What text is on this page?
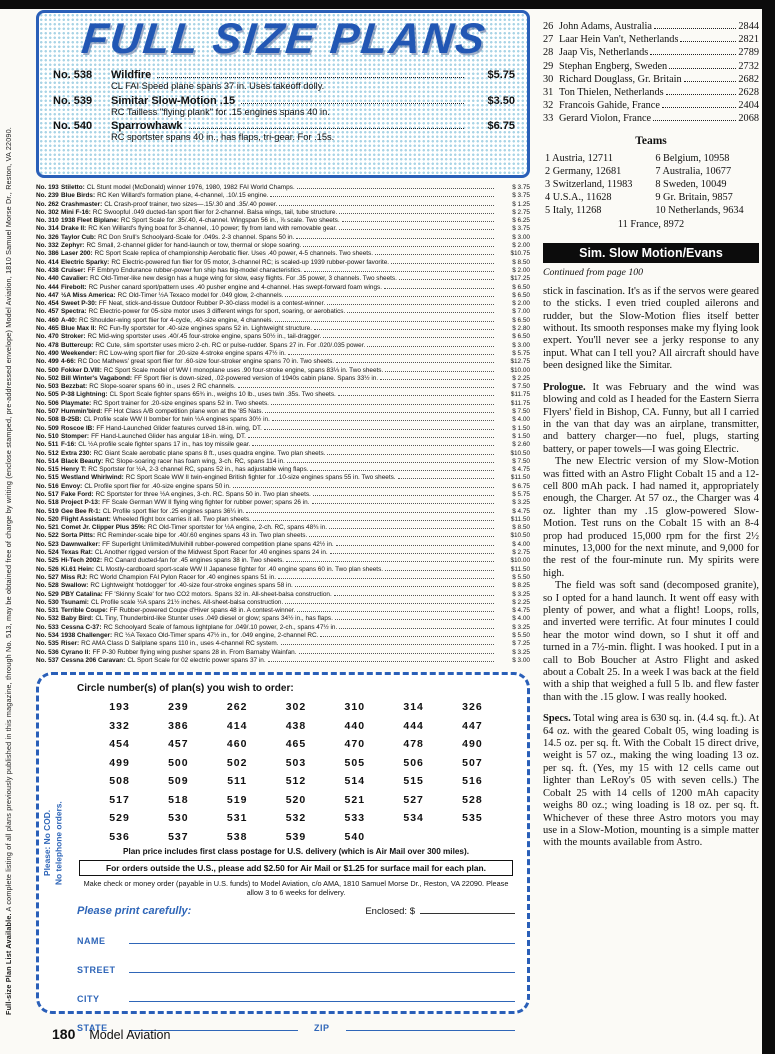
Full-size Plan List Available. A complete listing of all plans previously published in this magazine, through No. 513, may be obtained free of charge by writing (enclose stamped, pre-addressed envelope) Model Aviation, 1810 Samuel Morse Dr., Reston, VA 22090.
FULL SIZE PLANS
No. 538	Wildfire	$5.75
CL FAI Speed plane spans 37 in. Uses takeoff dolly.
No. 539	Simitar Slow-Motion .15	$3.50
RC Tailless "flying plank" for .15 engines spans 40 in.
No. 540	Sparrowhawk	$6.75
RC sportster spans 40 in., has flaps, tri-gear. For .15s.
No. 193 Stiletto: CL Stunt model (McDonald) winner 1976, 1980, 1982 FAI World Champs.	$ 3.75
No. 239 Blue Birds: RC Ken Willard's formation plane, 4-channel, .10/.15 engine.	$ 3.75
No. 262 Crashmaster: CL Crash-proof trainer, two sizes—.15/.30 and .35/.40 power.	$ 1.25
No. 302 Mini F-16: RC Swoopful .049 ducted-fan sport flier for 2-channel. Balsa wings, tail, tube structure.	$ 2.75
No. 310 1938 Fleet Biplane: RC Sport Scale for .35/.40, 4-channel. Wingspan 56 in., ⅞ scale. Two sheets.	$ 6.25
No. 314 Drake II: RC Ken Willard's flying boat for 3-channel, .10 power; fly from land with removable gear.	$ 3.75
No. 326 Taylor Cub: RC Don Srull's Schoolyard-Scale for .049s. 2-3 channel. Spans 50 in.	$ 3.00
No. 332 Zephyr: RC Small, 2-channel glider for hand-launch or tow, thermal or slope soaring.	$ 2.00
No. 386 Laser 200: RC Sport Scale replica of championship Aerobatic flier. Uses .40 power, 4-5 channels. Two sheets.	$10.75
No. 414 Electric Sparky: RC Electric-powered fun flier for 05 motor, 3-channel RC; is scaled-up 1939 rubber-power favorite.	$ 8.50
No. 438 Cruiser: FF Embryo Endurance rubber-power fun ship has big-model characteristics.	$ 2.00
No. 440 Cavalier: RC Old-Timer-like new design has a huge wing for slow, easy flights. For .35 power, 3 channels. Two sheets.	$17.25
No. 444 Firebolt: RC Pusher canard sport/pattern uses .40 pusher engine and 4-channel. Has swept-forward foam wings.	$ 6.50
No. 447 ½A Miss America: RC Old-Timer ½A Texaco model for .049 glow, 2-channels.	$ 6.50
No. 454 Sweet P-30: FF Neat, stick-and-tissue Outdoor Rubber P-30-class model is a contest-winner.	$ 2.00
No. 457 Spectra: RC Electric-power for 05-size motor uses 3 different wings for sport, soaring, or aerobatics.	$ 7.00
No. 460 A-40: RC Shoulder-wing sport flier for 4-cycle, .40-size engine, 4 channels.	$ 6.50
No. 465 Blue Max II: RC Fun-fly sportster for .40-size engines spans 52 in. Lightweight structure.	$ 2.80
No. 470 Stroker: RC Mid-wing sportster uses .40/.45 four-stroke engine, spans 50½ in., tail-dragger.	$ 6.50
No. 478 Buttercup: RC Cute, slim sportster uses micro 2-ch. RC or pulse-rudder. Spans 27 in. For .020/.035 power.	$ 3.00
No. 490 Weekender: RC Low-wing sport flier for .20-size 4-stroke engine spans 47½ in.	$ 5.75
No. 499 4-66: RC Doc Mathews' great sport flier for .60-size four-stroker engine spans 70 in. Two sheets.	$12.75
No. 500 Fokker D.VIII: RC Sport Scale model of WW I monoplane uses .90 four-stroke engine, spans 83⅓ in. Two sheets.	$10.00
No. 502 Bill Winter's Vagabond: FF Sport flier is down-sized, .02-powered version of 1940s cabin plane. Spans 33½ in.	$ 2.25
No. 503 Bezzbat: RC Slope-soarer spans 60 in., uses 2 RC channels.	$ 7.50
No. 505 P-38 Lightning: CL Sport Scale fighter spans 65¾ in., weighs 10 lb., uses twin .35s. Two sheets.	$11.75
No. 506 Playmate: RC Sport trainer for .20-size engines spans 52 in. Two sheets.	$11.75
No. 507 Hummin'bird: FF Hot Class A/B competition plane won at the '85 Nats.	$ 7.50
No. 508 B-25B: CL Profile scale WW II bomber for twin ½A engines spans 30½ in.	$ 4.00
No. 509 Roscoe IB: FF Hand-Launched Glider features curved 18-in. wing, DT.	$ 1.50
No. 510 Stomper: FF Hand-Launched Glider has angular 18-in. wing, DT.	$ 1.50
No. 511 F-16: CL ½A profile scale fighter spans 17 in., has toy missile gear.	$ 2.60
No. 512 Extra 230: RC Giant Scale aerobatic plane spans 8 ft., uses quadra engine. Two plan sheets.	$10.50
No. 514 Black Beauty: RC Slope-soaring racer has foam wing, 3-ch. RC, spans 114 in.	$ 7.50
No. 515 Henry T: RC Sportster for ½A, 2-3 channel RC, spans 52 in., has adjustable wing flaps.	$ 4.75
No. 515 Westland Whirlwind: RC Sport Scale WW II twin-engined British fighter for .10-size engines spans 55 in. Two sheets.	$11.50
No. 516 Envoy: CL Profile sport flier for .40-size engine spans 50 in.	$ 6.75
No. 517 Fake Ford: RC Sportster for three ½A engines, 3-ch. RC. Spans 50 in. Two plan sheets.	$ 5.75
No. 518 Project P-13: FF Scale German WW II flying wing fighter for rubber power; spans 26 in.	$ 3.25
No. 519 Gee Bee R-1: CL Profile sport flier for .25 engines spans 36¼ in.	$ 4.75
No. 520 Flight Assistant: Wheeled flight box carries it all. Two plan sheets.	$11.50
No. 521 Comet Jr. Clipper Plus 35%: RC Old-Timer sportster for ½A engine, 2-ch. RC, spans 48¾ in.	$ 8.50
No. 522 Sorta Pitts: RC Reminder-scale bipe for .40/.60 engines spans 43 in. Two plan sheets.	$10.50
No. 523 Dawnwalker: FF Superlight Unlimited/Mulvihill rubber-powered competition plane spans 42½ in.	$ 4.00
No. 524 Texas Rat: CL Another rigged version of the Midwest Sport Racer for .40 engines spans 24 in.	$ 2.75
No. 525 Hi-Tech 2002: RC Canard ducted-fan for .45 engines spans 38 in. Two sheets.	$10.00
No. 526 Ki.61 Hein: CL Mostly-cardboard sport-scale WW II Japanese fighter for .40 engine spans 60 in. Two plan sheets.	$11.50
No. 527 Miss RJ: RC World Champion FAI Pylon Racer for .40 engines spans 51 in.	$ 5.50
No. 528 Swallow: RC Lightweight 'hotdogger' for .40-size four-stroke engines spans 58 in.	$ 8.25
No. 529 PBY Catalina: FF 'Skinny Scale' for two CO2 motors. Spans 32 in. All-sheet-balsa construction.	$ 3.25
No. 530 Tsunami: CL Profile scale ½A spans 21½ inches. All-sheet-balsa construction.	$ 2.25
No. 531 Terrible Coupe: FF Rubber-powered Coupe d'Hiver spans 48 in. A contest-winner.	$ 4.75
No. 532 Baby Bird: CL Tiny, Thunderbird-like Stunter uses .049 diesel or glow; spans 34½ in., has flaps.	$ 4.00
No. 533 Cessna C-37: RC Schoolyard Scale of famous lightplane for .049/.10 power, 2-ch., spans 47½ in.	$ 3.25
No. 534 1938 Challenger: RC ½A Texaco Old-Timer spans 47½ in., for .049 engine, 2-channel RC.	$ 5.50
No. 535 Riser: RC AMA Class D Sailplane spans 110 in., uses 4-channel RC system.	$ 7.25
No. 536 Cyrano II: FF P-30 Rubber flying wing pusher spans 28 in. From Barnaby Wainfan.	$ 3.25
No. 537 Cessna 206 Caravan: CL Sport Scale for 02 electric power spans 37 in.	$ 3.00
Please: No COD. No telephone orders.
Circle number(s) of plan(s) you wish to order:
193	239	262	302	310	314	326
332	386	414	438	440	444	447
454	457	460	465	470	478	490
499	500	502	503	505	506	507
508	509	511	512	514	515	516
517	518	519	520	521	527	528
529	530	531	532	533	534	535
536	537	538	539	540
Plan price includes first class postage for U.S. delivery (which is Air Mail over 300 miles).
For orders outside the U.S., please add $2.50 for Air Mail or $1.25 for surface mail for each plan.
Make check or money order (payable in U.S. funds) to Model Aviation, c/o AMA, 1810 Samuel Morse Dr., Reston, VA 22090. Please allow 3 to 6 weeks for delivery.
Please print carefully:	Enclosed: $
NAME
STREET
CITY
STATE	ZIP
180 Model Aviation
26 John Adams, Australia	2844
27 Laar Hein Van't, Netherlands	2821
28 Jaap Vis, Netherlands	2789
29 Stephan Engberg, Sweden	2732
30 Richard Douglass, Gr. Britain	2682
31 Ton Thielen, Netherlands	2628
32 Francois Gahide, France	2404
33 Gerard Violon, France	2068
Teams
1 Austria, 12711
2 Germany, 12681
3 Switzerland, 11983
4 U.S.A., 11628
5 Italy, 11268
6 Belgium, 10958
7 Australia, 10677
8 Sweden, 10049
9 Gr. Britain, 9857
10 Netherlands, 9634
11 France, 8972
Sim. Slow Motion/Evans
Continued from page 100

stick in fascination. It's as if the servos were geared to the sticks. I even tried coupled ailerons and rudder, but the Slow-Motion flies itself better without. Its smooth responses make my flying look expert. You'll never see a jerky response to any input. What can I tell you? All aircraft should have been designed like the Simitar.

Prologue. It was February and the wind was blowing and cold as I headed for the Eastern Sierra Flyers' field in Bishop, CA. Funny, but all I carried in the van that day was an airplane, transmitter, and battery charger—no fuel, plugs, starting battery, or paper towels—I was going Electric.

The new Electric version of my Slow-Motion was fitted with an Astro Flight Cobalt 15 and a 12-cell 800 mAh pack. I had named it, appropriately enough, the Charger. At 57 oz., the Charger was 4 oz. lighter than my .15 glow-powered Slow-Motion. Test runs on the Cobalt 15 with an 8-4 prop had produced 15,000 rpm for the first 2½ minutes, 13,000 for the next minute, and 9,000 for the rest of the four-minute run. My spirits were high.

The field was soft sand (decomposed granite), so I opted for a hand launch. It went off easy with plenty of power, and what a flight! Loops, rolls, and inverted were terrific. At four minutes I could hear the motor wind down, so I shut it off and turned in a 7½-min. flight. I was hooked. I put in a call to Bob Boucher at Astro Flight and asked about a Cobalt 25. In a week I was back at the field with a ship that weighed a full 5 lb. and flew faster than with the .15 glow. I was really hooked.

Specs. Total wing area is 630 sq. in. (4.4 sq. ft.). At 64 oz. with the geared Cobalt 05, wing loading is 14.5 oz. per sq. ft. With the Cobalt 15 direct drive, weight is 57 oz., making the wing loading 13 oz. per sq. ft. (Yes, my 15 with 12 cells came out lighter than LeRoy's 05 with seven cells.) The Cobalt 25 with 14 cells of 1200 mAh capacity weighs 80 oz.; wing loading is 18 oz. per sq. ft. Whichever of these three Astro motors you may use in a Slow-Motion, mounting is a simple matter with the mounts available from Astro.
